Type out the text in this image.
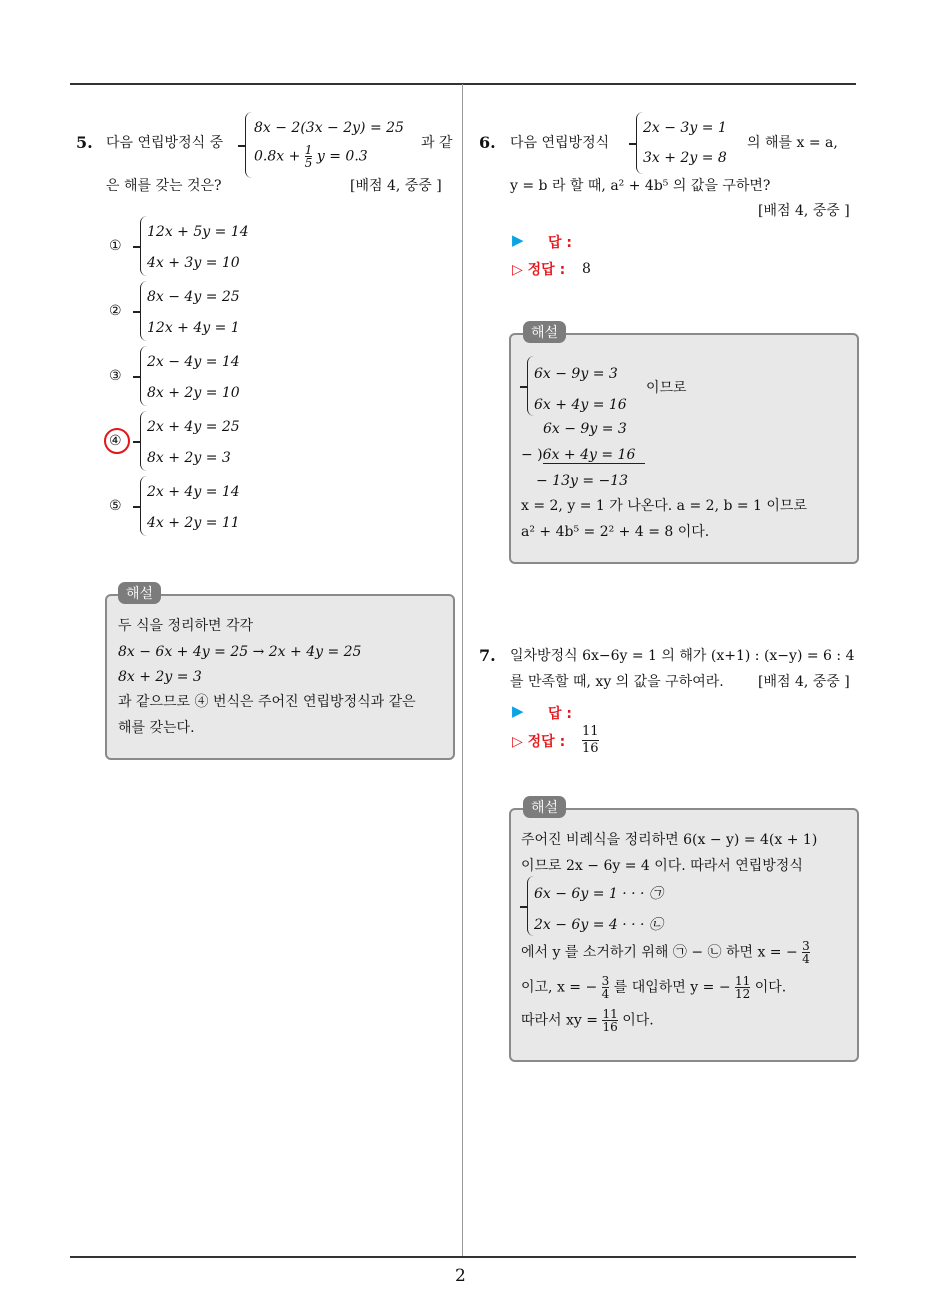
2
5. 다음 연립방정식 중
8x − 2(3x − 2y) = 25
$0.8x + \frac{1}{5}$ y = 0.3
과 같
은 해를 갖는 것은?	[배점 4, 중중 ]
①
12x + 5y = 14
4x + 3y = 10
②
8x − 4y = 25
12x + 4y = 1
③
2x − 4y = 14
8x + 2y = 10
④
2x + 4y = 25
8x + 2y = 3
⑤
2x + 4y = 14
4x + 2y = 11
해설
두 식을 정리하면 각각
8x − 6x + 4y = 25 → 2x + 4y = 25
8x + 2y = 3
과 같으므로 ④ 번식은 주어진 연립방정식과 같은
해를 갖는다.
6. 다음 연립방정식
2x − 3y = 1
3x + 2y = 8
의 해를 x = a,
y = b 라 할 때, a² + 4b⁵ 의 값을 구하면?
[배점 4, 중중 ]
▶ 답 :
▷ 정답 : 8
해설
6x − 9y = 3
6x + 4y = 16
이므로
6x − 9y = 3
− )6x + 4y = 16
− 13y = −13
x = 2, y = 1 가 나온다. a = 2, b = 1 이므로
a² + 4b⁵ = 2² + 4 = 8 이다.
7. 일차방정식 6x−6y = 1 의 해가 (x+1) : (x−y) = 6 : 4
를 만족할 때, xy 의 값을 구하여라. [배점 4, 중중 ]
▶ 답 :
▷ 정답 : $\frac{11}{16}$
해설
주어진 비례식을 정리하면 6(x − y) = 4(x + 1)
이므로 2x − 6y = 4 이다. 따라서 연립방정식
6x − 6y = 1 · · · ㉠
2x − 6y = 4 · · · ㉡
에서 y 를 소거하기 위해 ㉠ − ㉡ 하면 x = − $\frac{3}{4}$
이고, x = − $\frac{3}{4}$ 를 대입하면 y = − $\frac{11}{12}$ 이다.
따라서 xy = $\frac{11}{16}$ 이다.
